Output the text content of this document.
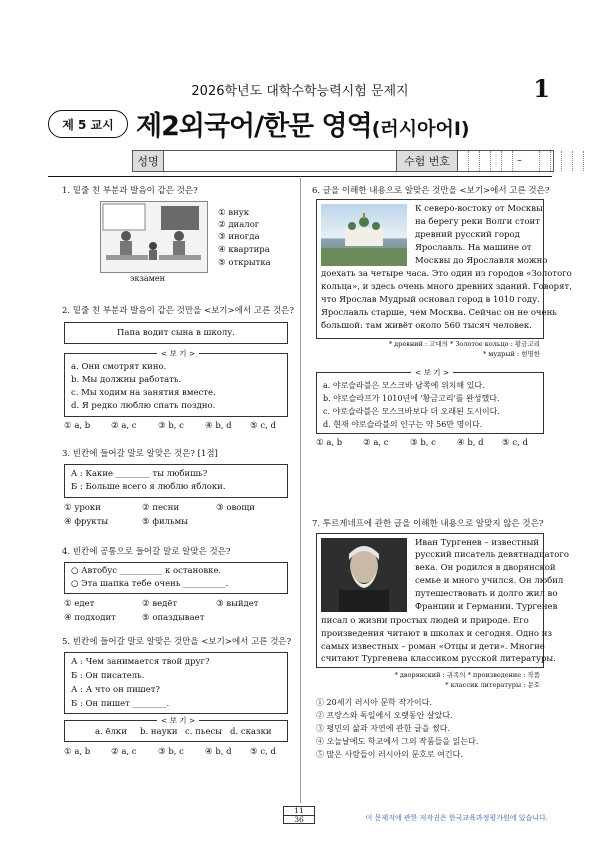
2026학년도 대학수학능력시험 문제지	1
제 5 교시 제2외국어/한문 영역(러시아어Ⅰ)
성명	수험 번호	–
1. 밑줄 친 부분과 발음이 같은 것은?
экзамен
① внук
② диалог
③ иногда
④ квартира
⑤ открытка
2. 밑줄 친 부분과 발음이 같은 것만을 <보기>에서 고른 것은?
Папа водит сына в школу.
< 보 기 >
a. Они смотрят кино.
b. Мы должны работать.
c. Мы ходим на занятия вместе.
d. Я редко люблю спать поздно.
① a, b ② a, c	③ b, c ④ b, d ⑤ c, d
3. 빈칸에 들어갈 말로 알맞은 것은? [1점]
A : Какие ________ ты любишь?
Б : Больше всего я люблю яблоки.
① уроки	② песни	③ овощи
④ фрукты	⑤ фильмы
4. 빈칸에 공통으로 들어갈 말로 알맞은 것은?
○ Автобус __________ к остановке.
○ Эта шапка тебе очень __________.
① едет	② ведёт	③ выйдет
④ подходит	⑤ опаздывает
5. 빈칸에 들어갈 말로 알맞은 것만을 <보기>에서 고른 것은?
А : Чем занимается твой друг?
Б : Он писатель.
А : А что он пишет?
Б : Он пишет ________.
< 보 기 >
a. ёлки b. науки c. пьесы d. сказки
① a, b ② a, c	③ b, c ④ b, d ⑤ c, d
6. 글을 이해한 내용으로 알맞은 것만을 <보기>에서 고른 것은?
К северо-востоку от Москвы
на берегу реки Волги стоит
древний русский город
Ярославль. На машине от
Москвы до Ярославля можно
доехать за четыре часа. Это один из городов «Золотого
кольца», и здесь очень много древних зданий. Говорят,
что Ярослав Мудрый основал город в 1010 году.
Ярославль старше, чем Москва. Сейчас он не очень
большой: там живёт около 560 тысяч человек.
* древний : 고대의 * Золотое кольцо : 황금고리
* мудрый : 현명한
< 보 기 >
a. 야로슬라블은 모스크바 남쪽에 위치해 있다.
b. 야로슬라프가 1010년에 '황금고리'를 완성했다.
c. 야로슬라블은 모스크바보다 더 오래된 도시이다.
d. 현재 야로슬라블의 인구는 약 56만 명이다.
① a, b ② a, c	③ b, c ④ b, d ⑤ c, d
7. 투르게네프에 관한 글을 이해한 내용으로 알맞지 않은 것은?
Иван Тургенев – известный
русский писатель девятнадцатого
века. Он родился в дворянской
семье и много учился. Он любил
путешествовать и долго жил во
Франции и Германии. Тургенев
писал о жизни простых людей и природе. Его
произведения читают в школах и сегодня. Одно из
самых известных – роман «Отцы и дети». Многие
считают Тургенева классиком русской литературы.
* дворянский : 귀족의 * произведение : 작품
* классик литературы : 문호
① 20세기 러시아 문학 작가이다.
② 프랑스와 독일에서 오랫동안 살았다.
③ 평민의 삶과 자연에 관한 글을 썼다.
④ 오늘날에도 학교에서 그의 작품들을 읽는다.
⑤ 많은 사람들이 러시아의 문호로 여긴다.
11
36	이 문제지에 관한 저작권은 한국교육과정평가원에 있습니다.
